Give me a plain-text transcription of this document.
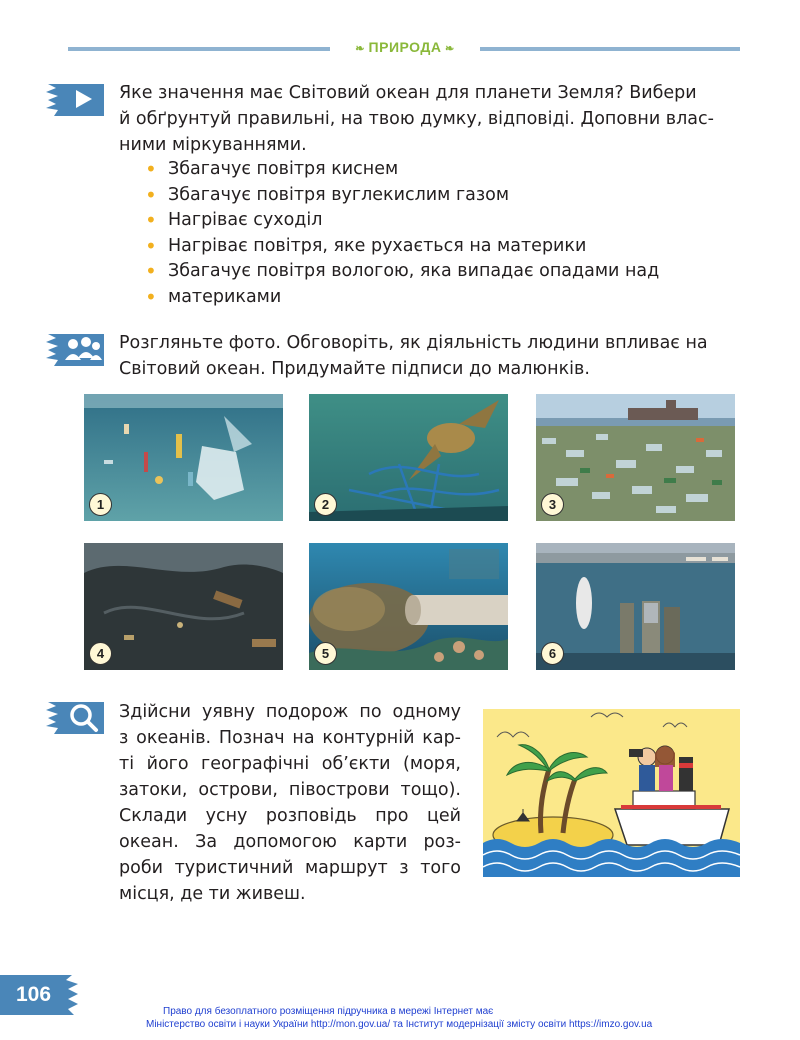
❧ ПРИРОДА ❧
Яке значення має Світовий океан для планети Земля? Вибери
й обґрунтуй правильні, на твою думку, відповіді. Доповни влас-
ними міркуваннями.
• Збагачує повітря киснем
• Збагачує повітря вуглекислим газом
• Нагріває суходіл
• Нагріває повітря, яке рухається на материки
• Збагачує повітря вологою, яка випадає опадами над
• материками
Розгляньте фото. Обговоріть, як діяльність людини впливає на
Світовий океан. Придумайте підписи до малюнків.
1	2	3
4	5	6
Здійсни уявну подорож по одному
з океанів. Познач на контурній кар-
ті його географічні об’єкти (моря,
затоки, острови, півострови тощо).
Склади усну розповідь про цей
океан. За допомогою карти роз-
роби туристичний маршрут з того
місця, де ти живеш.
106
Право для безоплатного розміщення підручника в мережі Інтернет має
Міністерство освіти і науки України http://mon.gov.ua/ та Інститут модернізації змісту освіти https://imzo.gov.ua
